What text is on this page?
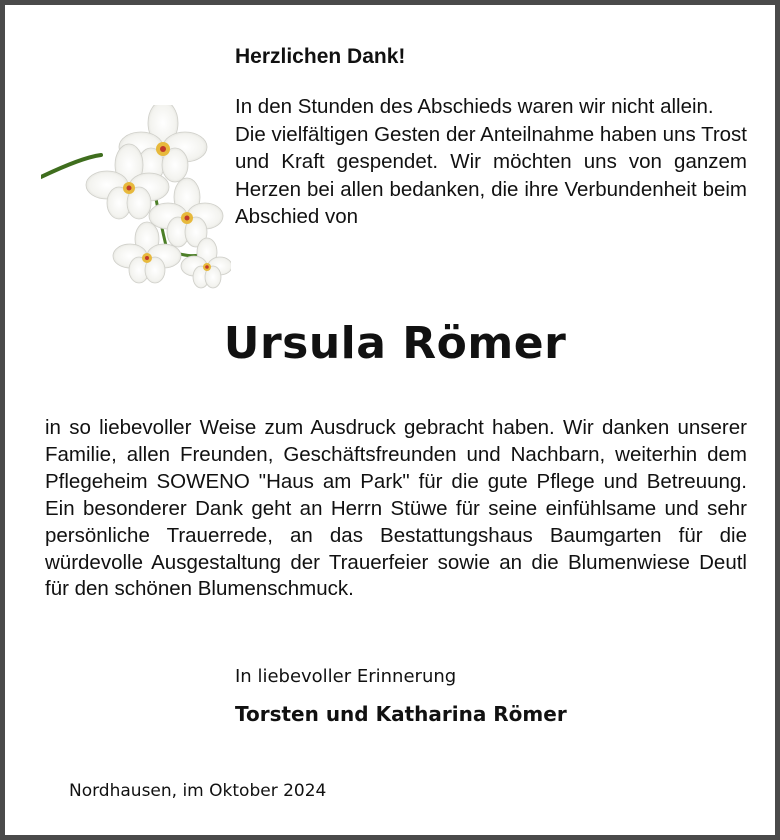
Herzlichen Dank!
In den Stunden des Abschieds waren wir nicht allein.
Die vielfältigen Gesten der Anteilnahme haben uns Trost und Kraft gespendet. Wir möchten uns von ganzem Herzen bei allen bedanken, die ihre Verbundenheit beim Abschied von
Ursula Römer

in so liebevoller Weise zum Ausdruck gebracht haben. Wir danken unserer Familie, allen Freunden, Geschäftsfreunden und Nachbarn, weiterhin dem Pflegeheim SOWENO "Haus am Park" für die gute Pflege und Betreuung. Ein besonderer Dank geht an Herrn Stüwe für seine einfühlsame und sehr persönliche Trauerrede, an das Bestattungshaus Baumgarten für die würdevolle Ausgestaltung der Trauerfeier sowie an die Blumenwiese Deutl für den schönen Blumenschmuck.

In liebevoller Erinnerung

Torsten und Katharina Römer

Nordhausen, im Oktober 2024
